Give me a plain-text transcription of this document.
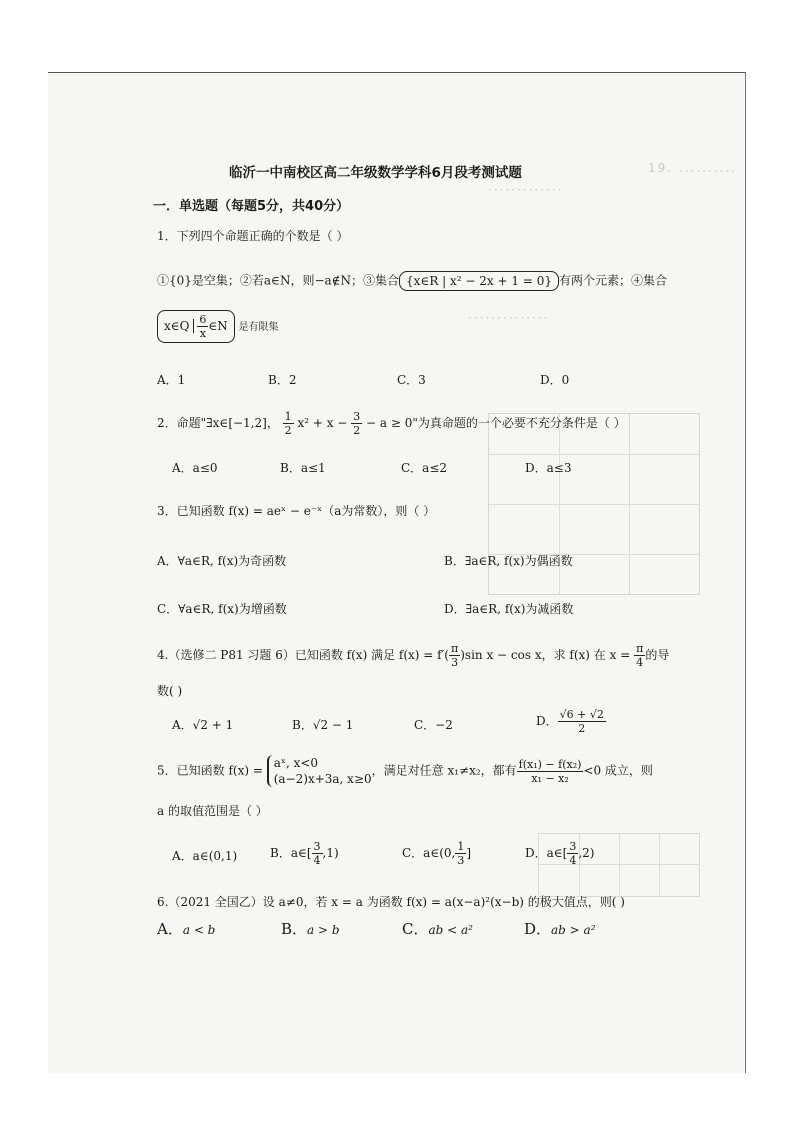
19. ..........
·············
··············
临沂一中南校区高二年级数学学科6月段考测试题
一．单选题（每题5分，共40分）
1．下列四个命题正确的个数是（ ）
①{0}是空集；②若a∈N，则−a∉N；③集合 {x∈R | x² − 2x + 1 = 0} 有两个元素；④集合
x∈Q $\frac{6}{x}$ ∈N 是有限集
A．1	B．2	C．3	D．0
2．命题"∃x∈[−1,2]， $\frac{1}{2} x^2 + x - \frac{3}{2} - a \ge 0$"为真命题的一个必要不充分条件是（ ）
A．a≤0	B．a≤1	C．a≤2	D．a≤3
3．已知函数 f(x) = aeˣ − e⁻ˣ（a为常数），则（ ）
A．∀a∈R, f(x)为奇函数	B．∃a∈R, f(x)为偶函数
C．∀a∈R, f(x)为增函数	D．∃a∈R, f(x)为减函数
4.（选修二 P81 习题 6）已知函数 f(x) 满足 $f(x) = f'( \frac{\pi}{3} )\sin$ x − cos x，求 f(x) 在 $x = \frac{\pi}{4}$ 的导
数( )
A．√2 + 1	B．√2 − 1	C．−2	D． $\frac{√6 + √2}{2}$
5．已知函数 f(x) =
aˣ, x<0
(a−2)x+3a, x≥0
，满足对任意 x₁≠x₂，都有 $\frac{\text{f(x₁) − f(x₂)}}{\text{x₁ − x₂}} <0$ 成立，则
a 的取值范围是（ ）
A．a∈(0,1)	B．a∈[ $\frac{3}{4} ,1$)	C．a∈(0, $\frac{1}{3}$ ]	D．a∈[ $\frac{3}{4} ,2$)
6.（2021 全国乙）设 a≠0，若 x = a 为函数 f(x) = a(x−a)²(x−b) 的极大值点，则( )
A．a < b	B．a > b	C．ab < a²	D．ab > a²
